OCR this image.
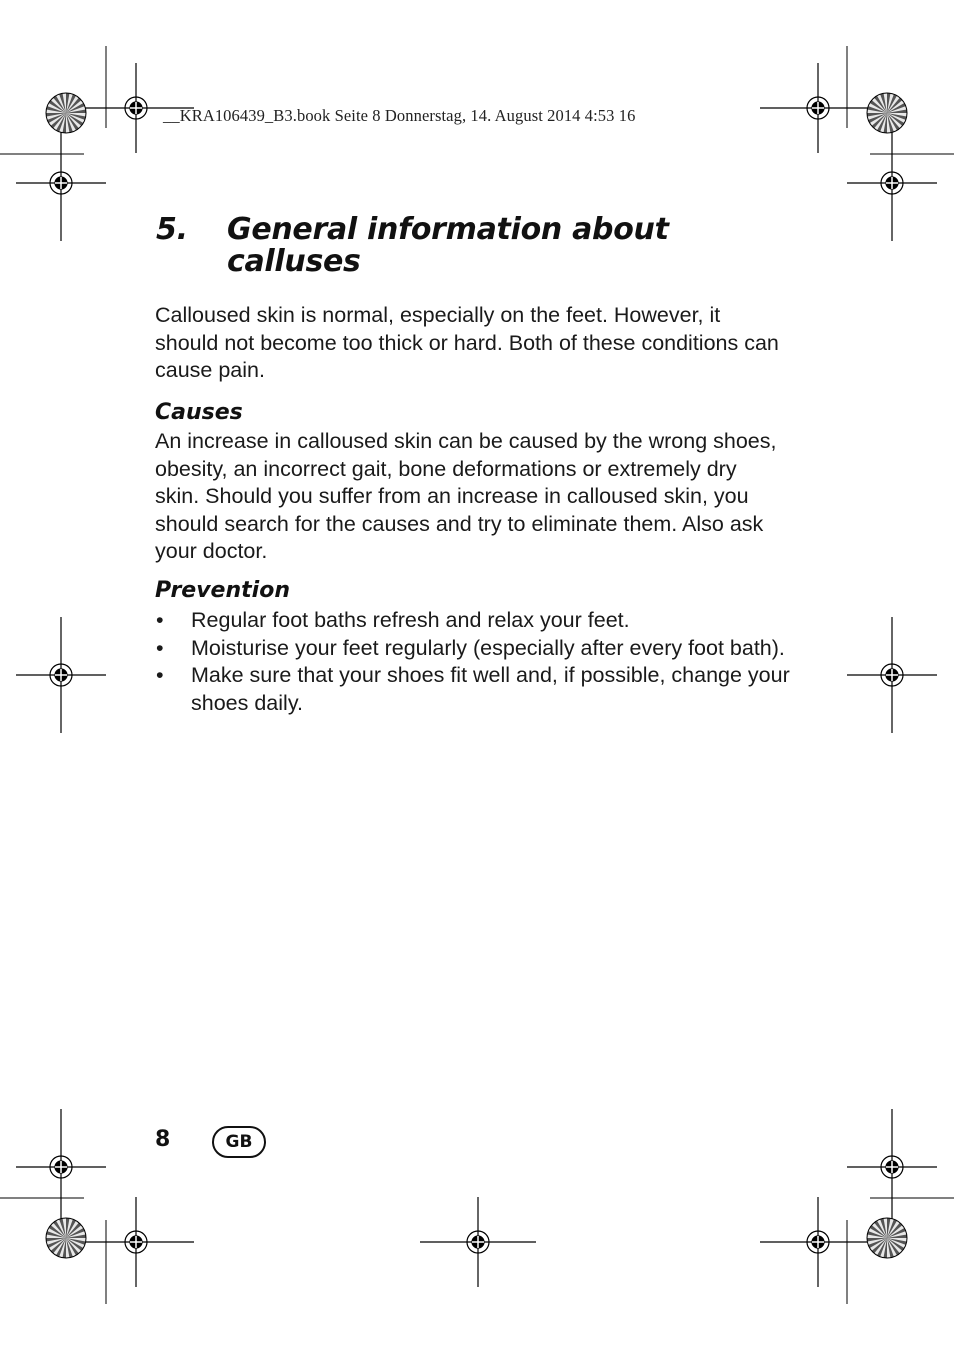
__KRA106439_B3.book Seite 8 Donnerstag, 14. August 2014 4:53 16
5. General information about calluses

Calloused skin is normal, especially on the feet. However, it should not become too thick or hard. Both of these conditions can cause pain.

Causes

An increase in calloused skin can be caused by the wrong shoes, obesity, an incorrect gait, bone deformations or extremely dry skin. Should you suffer from an increase in calloused skin, you should search for the causes and try to eliminate them. Also ask your doctor.

Prevention
• Regular foot baths refresh and relax your feet.
• Moisturise your feet regularly (especially after every foot bath).
• Make sure that your shoes fit well and, if possible, change your shoes daily.
8	GB
